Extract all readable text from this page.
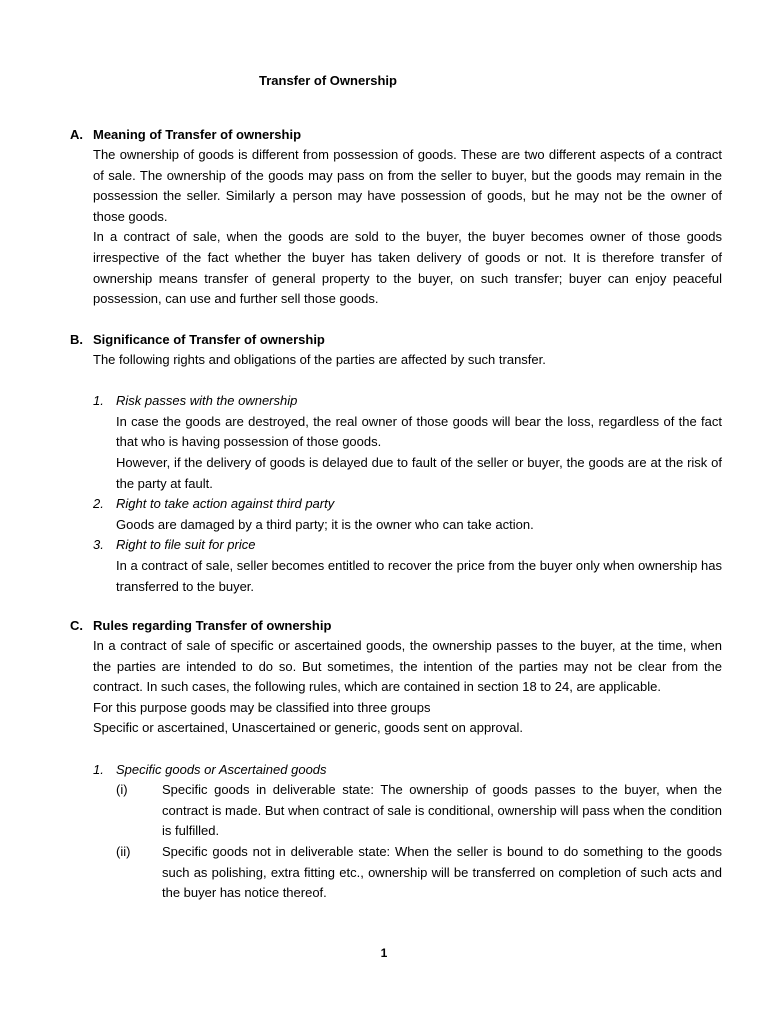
Transfer of Ownership
A. Meaning of Transfer of ownership

The ownership of goods is different from possession of goods. These are two different aspects of a contract of sale. The ownership of the goods may pass on from the seller to buyer, but the goods may remain in the possession the seller. Similarly a person may have possession of goods, but he may not be the owner of those goods.

In a contract of sale, when the goods are sold to the buyer, the buyer becomes owner of those goods irrespective of the fact whether the buyer has taken delivery of goods or not. It is therefore transfer of ownership means transfer of general property to the buyer, on such transfer; buyer can enjoy peaceful possession, can use and further sell those goods.

B. Significance of Transfer of ownership

The following rights and obligations of the parties are affected by such transfer.

1. Risk passes with the ownership

In case the goods are destroyed, the real owner of those goods will bear the loss, regardless of the fact that who is having possession of those goods.

However, if the delivery of goods is delayed due to fault of the seller or buyer, the goods are at the risk of the party at fault.

2. Right to take action against third party

Goods are damaged by a third party; it is the owner who can take action.

3. Right to file suit for price

In a contract of sale, seller becomes entitled to recover the price from the buyer only when ownership has transferred to the buyer.

C. Rules regarding Transfer of ownership

In a contract of sale of specific or ascertained goods, the ownership passes to the buyer, at the time, when the parties are intended to do so. But sometimes, the intention of the parties may not be clear from the contract. In such cases, the following rules, which are contained in section 18 to 24, are applicable.

For this purpose goods may be classified into three groups

Specific or ascertained, Unascertained or generic, goods sent on approval.

1. Specific goods or Ascertained goods
(i)	Specific goods in deliverable state: The ownership of goods passes to the buyer, when the contract is made. But when contract of sale is conditional, ownership will pass when the condition is fulfilled.
(ii)	Specific goods not in deliverable state: When the seller is bound to do something to the goods such as polishing, extra fitting etc., ownership will be transferred on completion of such acts and the buyer has notice thereof.
1
